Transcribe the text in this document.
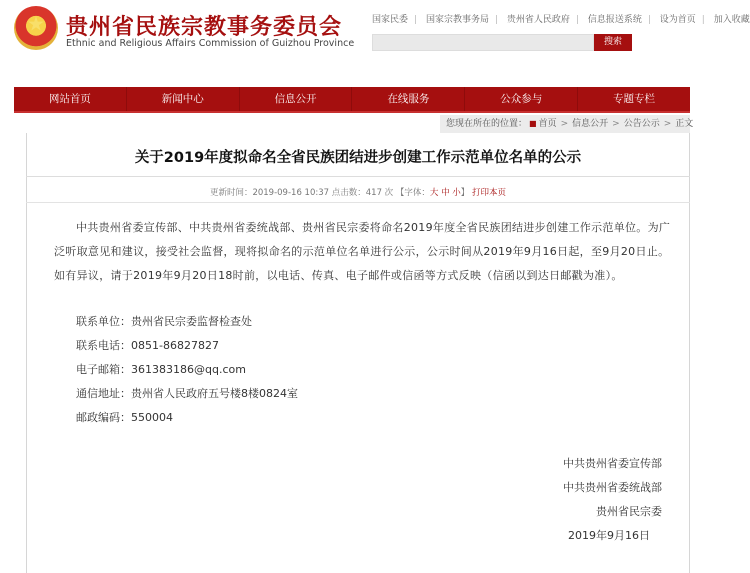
贵州省民族宗教事务委员会
Ethnic and Religious Affairs Commission of Guizhou Province
国家民委 | 国家宗教事务局 | 贵州省人民政府 | 信息报送系统 | 设为首页 | 加入收藏
搜索
网站首页	新闻中心	信息公开	在线服务	公众参与	专题专栏
您现在所在的位置： ■ 首页 > 信息公开 > 公告公示 > 正文
关于2019年度拟命名全省民族团结进步创建工作示范单位名单的公示
更新时间：2019-09-16 10:37 点击数：417 次 【字体：大 中 小】 打印本页
中共贵州省委宣传部、中共贵州省委统战部、贵州省民宗委将命名2019年度全省民族团结进步创建工作示范单位。为广泛听取意见和建议，接受社会监督，现将拟命名的示范单位名单进行公示，公示时间从2019年9月16日起，至9月20日止。如有异议，请于2019年9月20日18时前，以电话、传真、电子邮件或信函等方式反映（信函以到达日邮戳为准）。
联系单位：贵州省民宗委监督检查处
联系电话：0851-86827827
电子邮箱：361383186@qq.com
通信地址：贵州省人民政府五号楼8楼0824室
邮政编码：550004
中共贵州省委宣传部
中共贵州省委统战部
贵州省民宗委
2019年9月16日
